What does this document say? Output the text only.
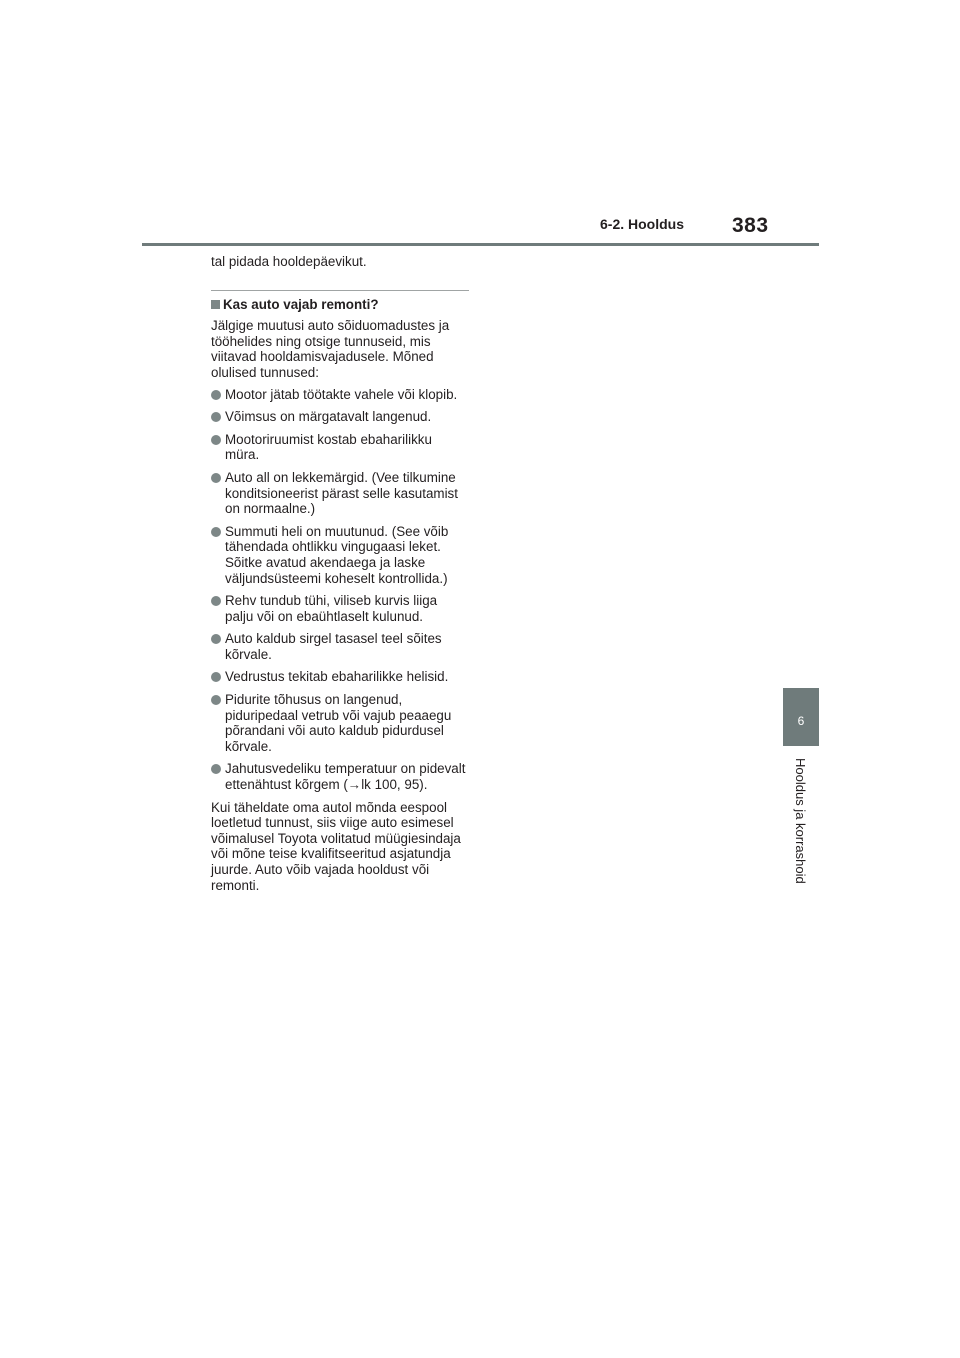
6-2. Hooldus 383
6
Hooldus ja korrashoid

tal pidada hooldepäevikut.

Kas auto vajab remonti?

Jälgige muutusi auto sõiduomadustes ja tööhelides ning otsige tunnuseid, mis viitavad hooldamisvajadusele. Mõned olulised tunnused:

Mootor jätab töötakte vahele või klopib.
Võimsus on märgatavalt langenud.
Mootoriruumist kostab ebaharilikku müra.
Auto all on lekkemärgid. (Vee tilkumine konditsioneerist pärast selle kasutamist on normaalne.)
Summuti heli on muutunud. (See võib tähendada ohtlikku vingugaasi leket. Sõitke avatud akendaega ja laske väljundsüsteemi koheselt kontrollida.)
Rehv tundub tühi, viliseb kurvis liiga palju või on ebaühtlaselt kulunud.
Auto kaldub sirgel tasasel teel sõites kõrvale.
Vedrustus tekitab ebaharilikke helisid.
Pidurite tõhusus on langenud, piduripedaal vetrub või vajub peaaegu põrandani või auto kaldub pidurdusel kõrvale.
Jahutusvedeliku temperatuur on pidevalt ettenähtust kõrgem (→lk 100, 95).

Kui täheldate oma autol mõnda eespool loetletud tunnust, siis viige auto esimesel võimalusel Toyota volitatud müügiesindaja või mõne teise kvalifitseeritud asjatundja juurde. Auto võib vajada hooldust või remonti.
